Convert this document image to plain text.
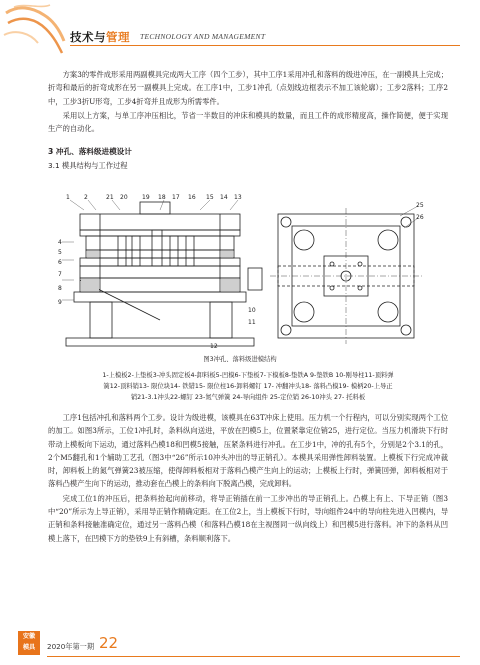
技术与管理 TECHNOLOGY AND MANAGEMENT

方案3的零件成形采用两副模具完成两大工序（四个工步），其中工序1采用冲孔和落料的级进冲压，在一副模具上完成；折弯和最后的折弯成形在另一副模具上完成。在工序1中，工步1冲孔（点划线边框表示不加工该轮廓）；工步2落料；工序2中，工步3折U形弯，工步4折弯并且成形为所需零件。

采用以上方案，与单工序冲压相比，节省一半数目的冲床和模具的数量，而且工件的成形精度高，操作简便，便于实现生产的自动化。

3 冲孔、落料级进模设计
3.1 模具结构与工作过程
1 2	21 20 19 18 17 16 15 14 13
4
5
6
7
8
9
10
11
12
25
26
图3冲孔、落料级进模结构
1-上模板2-上垫板3-冲头固定板4-卸料板5-凹模6-下垫板7-下模板8-垫铁A 9-垫铁B 10-刚导柱11-顶料弹
簧12-顶料销13- 限位块14- 铁错15- 限位柱16-卸料螺钉 17- 冲翻冲头18- 落料凸模19- 模柄20-上导正
销21-3.1冲头22-螺钉 23-氮气弹簧 24-导向组件 25-定位销 26-10冲头 27- 托料板

工序1包括冲孔和落料两个工步。设计为级进模，该模具在63T冲床上使用。压力机一个行程内，可以分别实现两个工位的加工。如图3所示，工位1冲孔时，条料纵向送进，平放在凹模5上，位置紧靠定位销25，进行定位。当压力机滑块下行时带动上模板向下运动，通过落料凸模18和凹模5接触，压紧条料进行冲孔。在工步1中，冲的孔有5个，分别是2个3.1的孔，2个M5翻孔和1个辅助工艺孔（图3中“26”所示10冲头冲出的导正销孔）。本模具采用弹性卸料装置。上模板下行完成冲裁时，卸料板上的氮气弹簧23被压缩，使得卸料板相对于落料凸模产生向上的运动；上模板上行时，弹簧回弹，卸料板相对于落料凸模产生向下的运动，推动套在凸模上的条料向下脱离凸模，完成卸料。

完成工位1的冲压后，把条料抬起向前移动，将导正销插在前一工步冲出的导正销孔上。凸模上有上、下导正销（图3中“20”所示为上导正销），采用导正销作精确定距。在工位2上，当上模板下行时，导向组件24中的导向柱先进入凹模内，导正销和条料接触准确定位，通过另一落料凸模（和落料凸模18在主视图同一纵向线上）和凹模5进行落料。冲下的条料从凹模上落下，在凹模下方的垫铁9上有斜槽，条料顺利落下。

安徽
模具	2020年第一期 22
